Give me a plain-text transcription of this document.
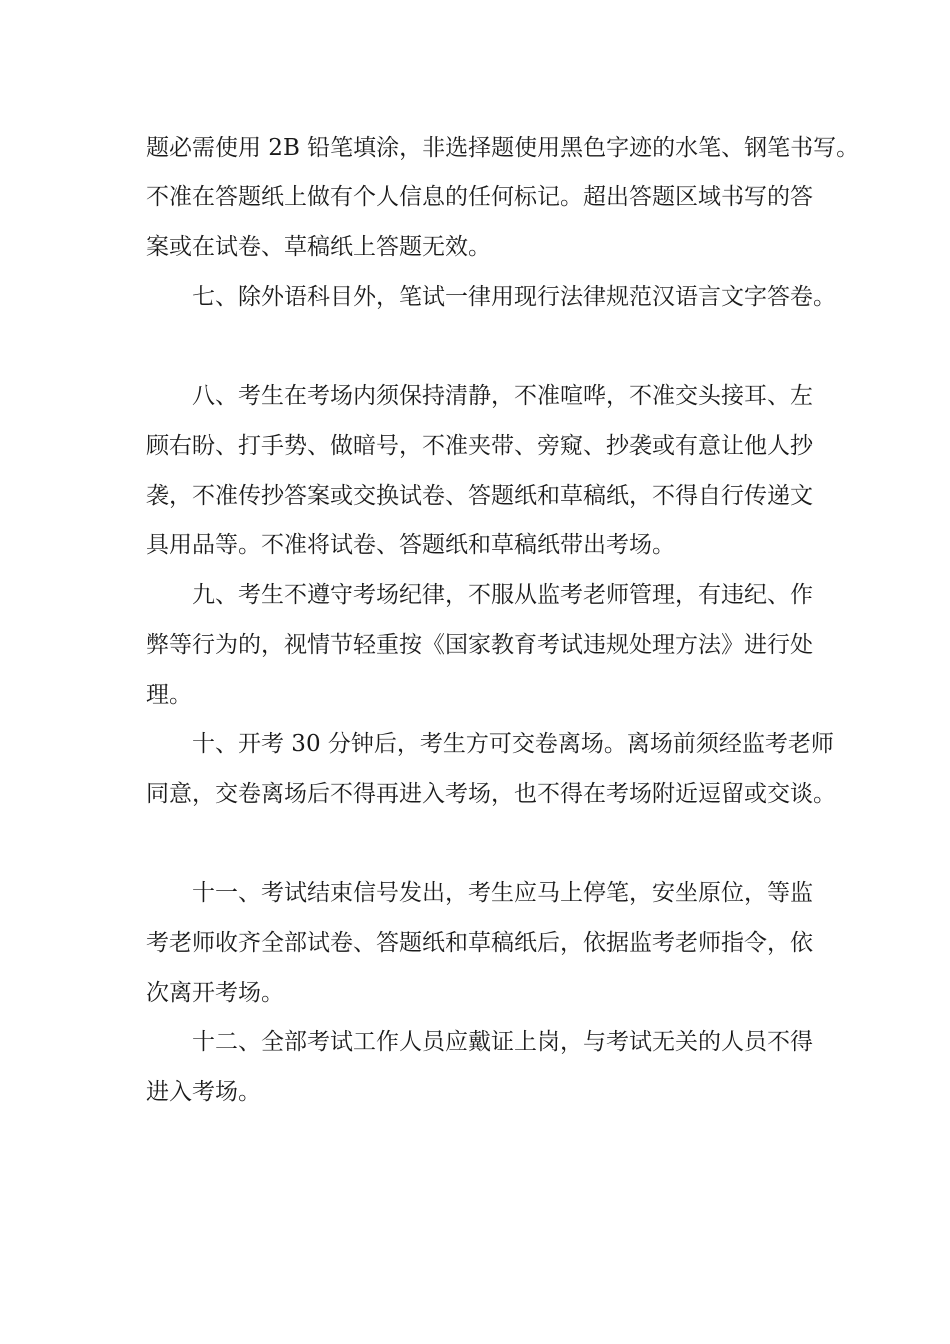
题必需使用 2B 铅笔填涂，非选择题使用黑色字迹的水笔、钢笔书写。
不准在答题纸上做有个人信息的任何标记。超出答题区域书写的答
案或在试卷、草稿纸上答题无效。
七、除外语科目外，笔试一律用现行法律规范汉语言文字答卷。
八、考生在考场内须保持清静，不准喧哗，不准交头接耳、左
顾右盼、打手势、做暗号，不准夹带、旁窥、抄袭或有意让他人抄
袭，不准传抄答案或交换试卷、答题纸和草稿纸，不得自行传递文
具用品等。不准将试卷、答题纸和草稿纸带出考场。
九、考生不遵守考场纪律，不服从监考老师管理，有违纪、作
弊等行为的，视情节轻重按《国家教育考试违规处理方法》进行处
理。
十、开考 30 分钟后，考生方可交卷离场。离场前须经监考老师
同意，交卷离场后不得再进入考场，也不得在考场附近逗留或交谈。
十一、考试结束信号发出，考生应马上停笔，安坐原位，等监
考老师收齐全部试卷、答题纸和草稿纸后，依据监考老师指令，依
次离开考场。
十二、全部考试工作人员应戴证上岗，与考试无关的人员不得
进入考场。
